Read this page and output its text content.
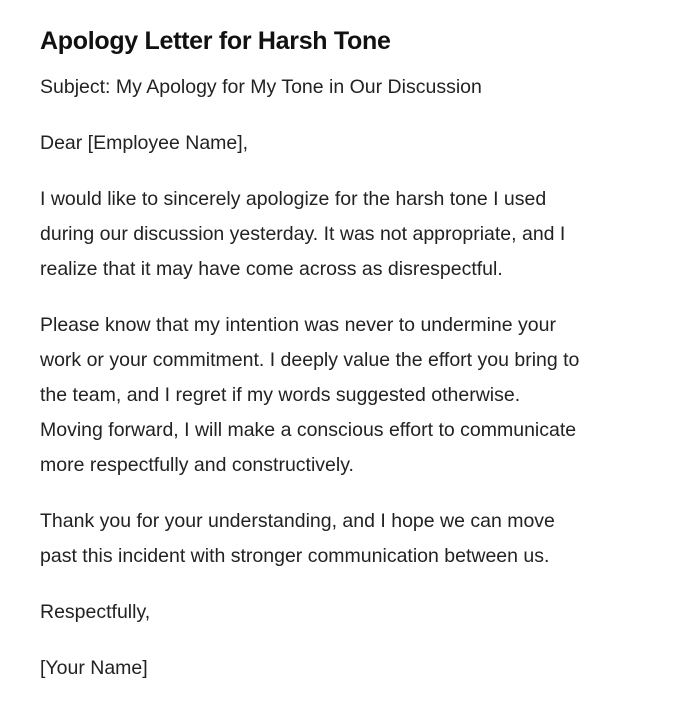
Apology Letter for Harsh Tone
Subject: My Apology for My Tone in Our Discussion
Dear [Employee Name],
I would like to sincerely apologize for the harsh tone I used
during our discussion yesterday. It was not appropriate, and I
realize that it may have come across as disrespectful.
Please know that my intention was never to undermine your
work or your commitment. I deeply value the effort you bring to
the team, and I regret if my words suggested otherwise.
Moving forward, I will make a conscious effort to communicate
more respectfully and constructively.
Thank you for your understanding, and I hope we can move
past this incident with stronger communication between us.
Respectfully,
[Your Name]
